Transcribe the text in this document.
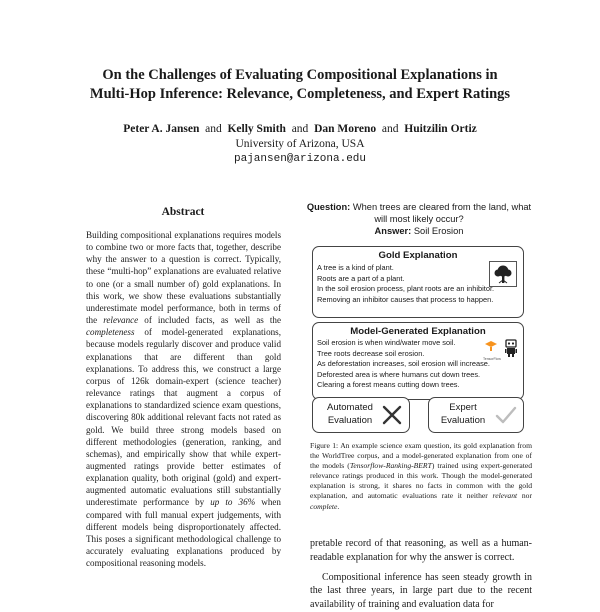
On the Challenges of Evaluating Compositional Explanations in
Multi-Hop Inference: Relevance, Completeness, and Expert Ratings
Peter A. Jansen and Kelly Smith and Dan Moreno and Huitzilin Ortiz
University of Arizona, USA
pajansen@arizona.edu
Abstract
Building compositional explanations requires models to combine two or more facts that, together, describe why the answer to a question is correct. Typically, these “multi-hop” explanations are evaluated relative to one (or a small number of) gold explanations. In this work, we show these evaluations substantially underestimate model performance, both in terms of the relevance of included facts, as well as the completeness of model-generated explanations, because models regularly discover and produce valid explanations that are different than gold explanations. To address this, we construct a large corpus of 126k domain-expert (science teacher) relevance ratings that augment a corpus of explanations to standardized science exam questions, discovering 80k additional relevant facts not rated as gold. We build three strong models based on different methodologies (generation, ranking, and schemas), and empirically show that while expert-augmented ratings provide better estimates of explanation quality, both original (gold) and expert-augmented automatic evaluations still substantially underestimate performance by up to 36% when compared with full manual expert judgements, with different models being disproportionately affected. This poses a significant methodological challenge to accurately evaluating explanations produced by compositional reasoning models.
Question: When trees are cleared from the land, what will most likely occur?
Answer: Soil Erosion
Gold Explanation
A tree is a kind of plant.
Roots are a part of a plant.
In the soil erosion process, plant roots are an inhibitor.
Removing an inhibitor causes that process to happen.
Model-Generated Explanation
Soil erosion is when wind/water move soil.
Tree roots decrease soil erosion.
As deforestation increases, soil erosion will increase.
Deforested area is where humans cut down trees.
Clearing a forest means cutting down trees.
TensorFlow
Automated Evaluation
Expert Evaluation
Figure 1: An example science exam question, its gold explanation from the WorldTree corpus, and a model-generated explanation from one of the models (Tensorflow-Ranking-BERT) trained using expert-generated relevance ratings produced in this work. Though the model-generated explanation is strong, it shares no facts in common with the gold explanation, and automatic evaluations rate it neither relevant nor complete.

pretable record of that reasoning, as well as a human-readable explanation for why the answer is correct.

Compositional inference has seen steady growth in the last three years, in large part due to the recent availability of training and evaluation data for
